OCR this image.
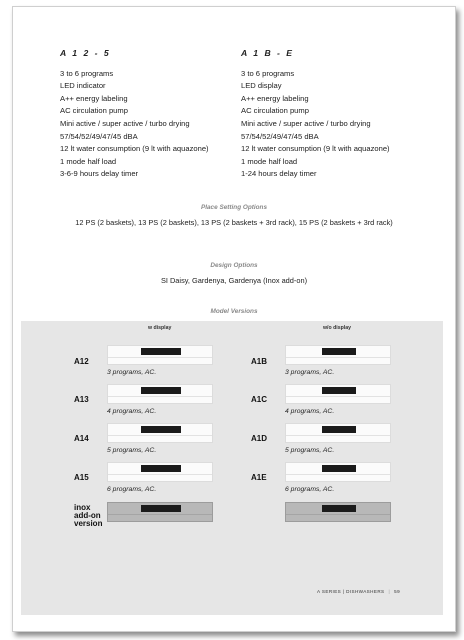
A 1 2 - 5
3 to 6 programs
LED indicator
A++ energy labeling
AC circulation pump
Mini active / super active / turbo drying
57/54/52/49/47/45 dBA
12 lt water consumption (9 lt with aquazone)
1 mode half load
3-6-9 hours delay timer
A 1 B - E
3 to 6 programs
LED display
A++ energy labeling
AC circulation pump
Mini active / super active / turbo drying
57/54/52/49/47/45 dBA
12 lt water consumption (9 lt with aquazone)
1 mode half load
1-24 hours delay timer
Place Setting Options
12 PS (2 baskets), 13 PS (2 baskets), 13 PS (2 baskets + 3rd rack), 15 PS (2 baskets + 3rd rack)
Design Options
SI Daisy, Gardenya, Gardenya (Inox add-on)
Model Versions
w display	w/o display
A12
3 programs, AC.
A13
4 programs, AC.
A14
5 programs, AC.
A15
6 programs, AC.
inox
add-on
version
A1B
3 programs, AC.
A1C
4 programs, AC.
A1D
5 programs, AC.
A1E
6 programs, AC.
A SERIES | DISHWASHERS | 59
